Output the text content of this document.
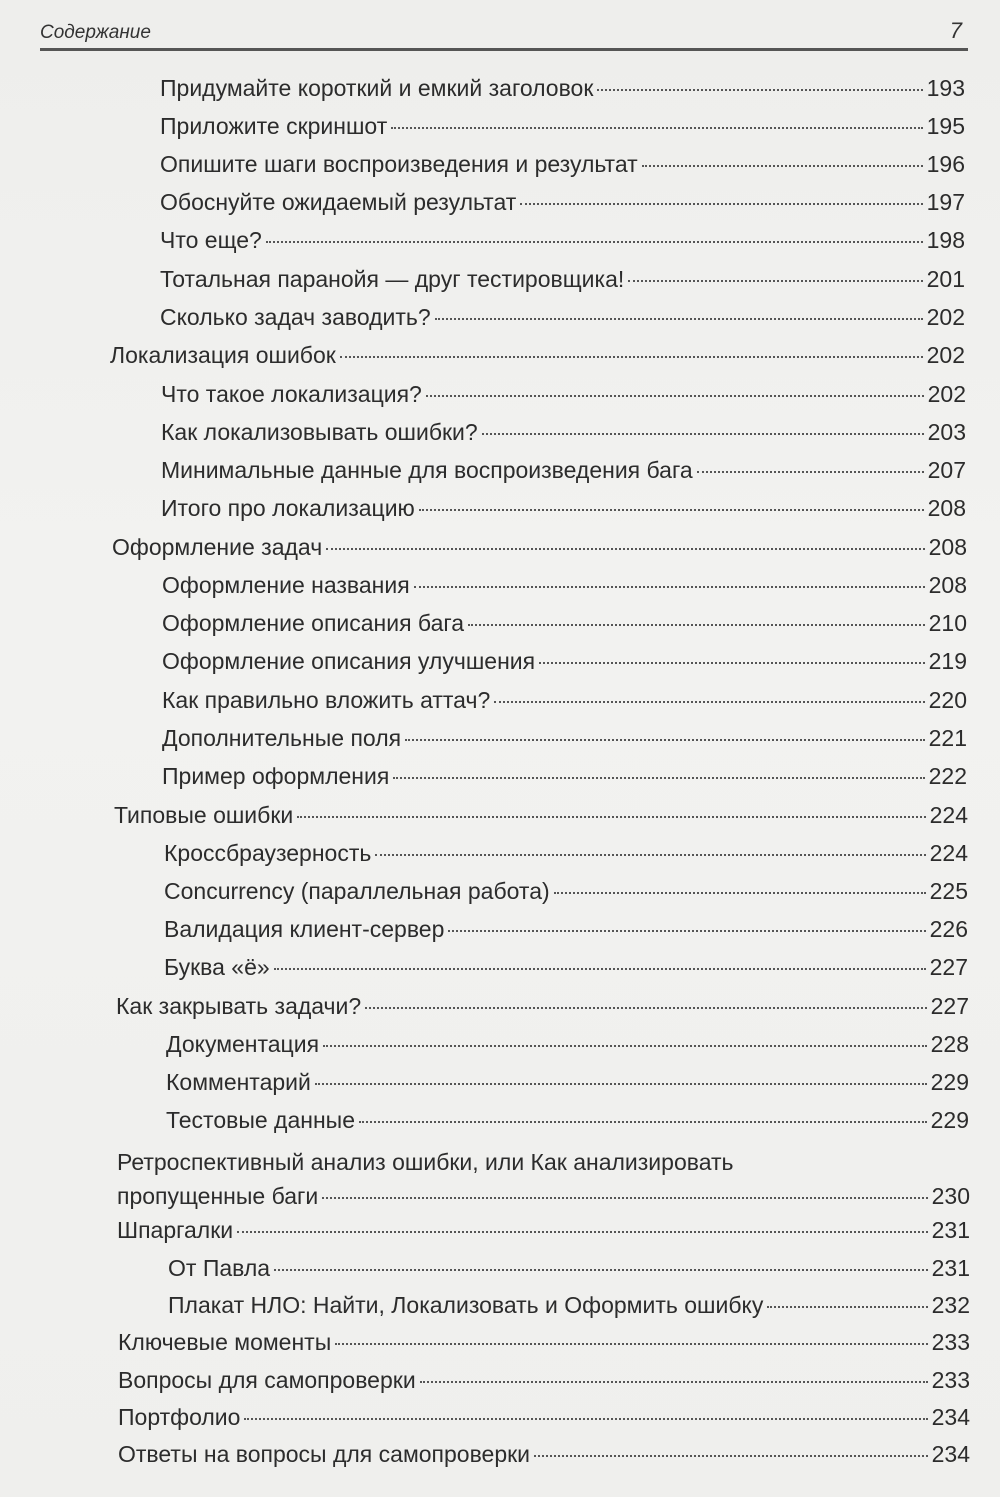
Содержание	7
Придумайте короткий и емкий заголовок	193
Приложите скриншот	195
Опишите шаги воспроизведения и результат	196
Обоснуйте ожидаемый результат	197
Что еще?	198
Тотальная паранойя — друг тестировщика!	201
Сколько задач заводить?	202
Локализация ошибок	202
Что такое локализация?	202
Как локализовывать ошибки?	203
Минимальные данные для воспроизведения бага	207
Итого про локализацию	208
Оформление задач	208
Оформление названия	208
Оформление описания бага	210
Оформление описания улучшения	219
Как правильно вложить аттач?	220
Дополнительные поля	221
Пример оформления	222
Типовые ошибки	224
Кроссбраузерность	224
Concurrency (параллельная работа)	225
Валидация клиент-сервер	226
Буква «ё»	227
Как закрывать задачи?	227
Документация	228
Комментарий	229
Тестовые данные	229
Ретроспективный анализ ошибки, или Как анализировать
пропущенные баги	230
Шпаргалки	231
От Павла	231
Плакат НЛО: Найти, Локализовать и Оформить ошибку	232
Ключевые моменты	233
Вопросы для самопроверки	233
Портфолио	234
Ответы на вопросы для самопроверки	234
